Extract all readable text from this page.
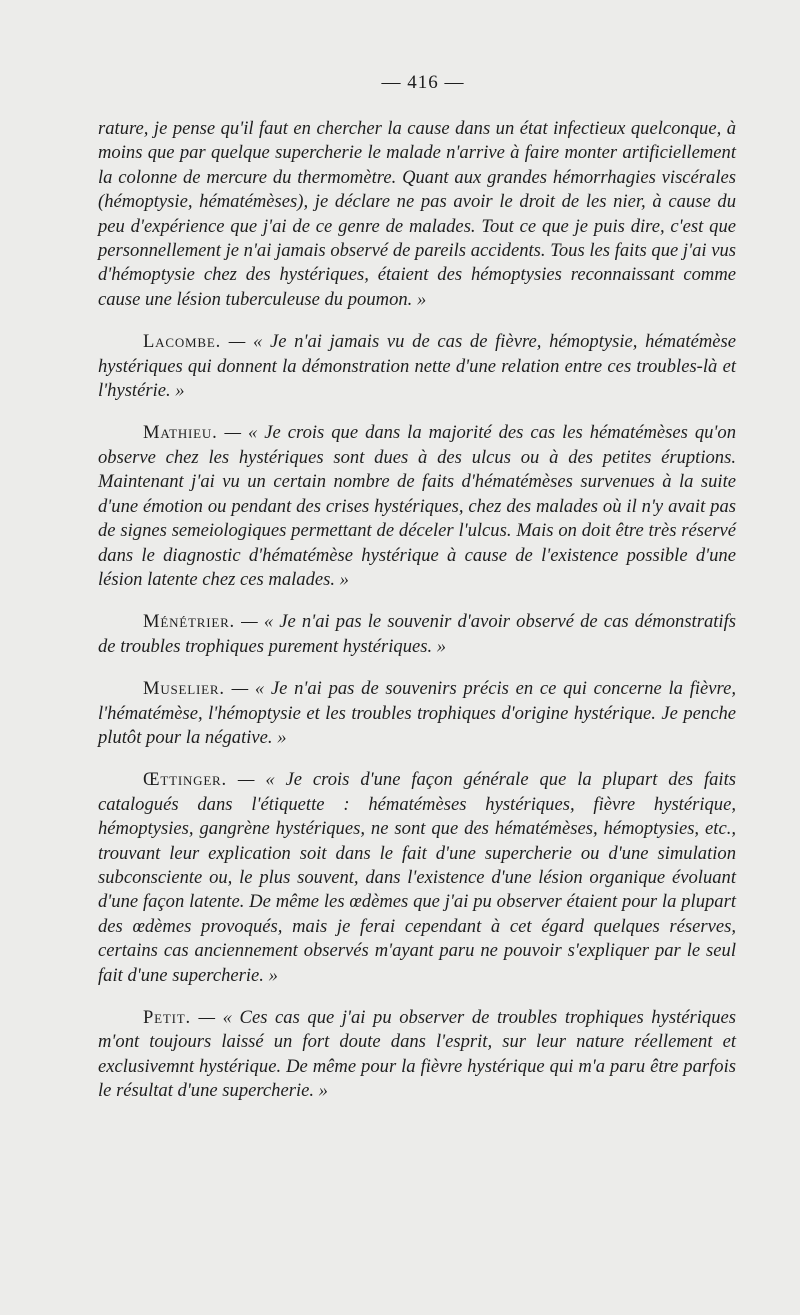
— 416 —

rature, je pense qu'il faut en chercher la cause dans un état infectieux quelconque, à moins que par quelque supercherie le malade n'arrive à faire monter artificiellement la colonne de mercure du thermomètre. Quant aux grandes hémorrhagies viscérales (hémoptysie, hématémèses), je déclare ne pas avoir le droit de les nier, à cause du peu d'expérience que j'ai de ce genre de malades. Tout ce que je puis dire, c'est que personnellement je n'ai jamais observé de pareils accidents. Tous les faits que j'ai vus d'hémoptysie chez des hystériques, étaient des hémoptysies reconnaissant comme cause une lésion tuberculeuse du poumon. »

Lacombe. — « Je n'ai jamais vu de cas de fièvre, hémoptysie, hématémèse hystériques qui donnent la démonstration nette d'une relation entre ces troubles-là et l'hystérie. »

Mathieu. — « Je crois que dans la majorité des cas les hématémèses qu'on observe chez les hystériques sont dues à des ulcus ou à des petites éruptions. Maintenant j'ai vu un certain nombre de faits d'hématémèses survenues à la suite d'une émotion ou pendant des crises hystériques, chez des malades où il n'y avait pas de signes semeiologiques permettant de déceler l'ulcus. Mais on doit être très réservé dans le diagnostic d'hématémèse hystérique à cause de l'existence possible d'une lésion latente chez ces malades. »

Ménétrier. — « Je n'ai pas le souvenir d'avoir observé de cas démonstratifs de troubles trophiques purement hystériques. »

Muselier. — « Je n'ai pas de souvenirs précis en ce qui concerne la fièvre, l'hématémèse, l'hémoptysie et les troubles trophiques d'origine hystérique. Je penche plutôt pour la négative. »

Œttinger. — « Je crois d'une façon générale que la plupart des faits catalogués dans l'étiquette : hématémèses hystériques, fièvre hystérique, hémoptysies, gangrène hystériques, ne sont que des hématémèses, hémoptysies, etc., trouvant leur explication soit dans le fait d'une supercherie ou d'une simulation subconsciente ou, le plus souvent, dans l'existence d'une lésion organique évoluant d'une façon latente. De même les œdèmes que j'ai pu observer étaient pour la plupart des œdèmes provoqués, mais je ferai cependant à cet égard quelques réserves, certains cas anciennement observés m'ayant paru ne pouvoir s'expliquer par le seul fait d'une supercherie. »

Petit. — « Ces cas que j'ai pu observer de troubles trophiques hystériques m'ont toujours laissé un fort doute dans l'esprit, sur leur nature réellement et exclusivemnt hystérique. De même pour la fièvre hystérique qui m'a paru être parfois le résultat d'une supercherie. »
